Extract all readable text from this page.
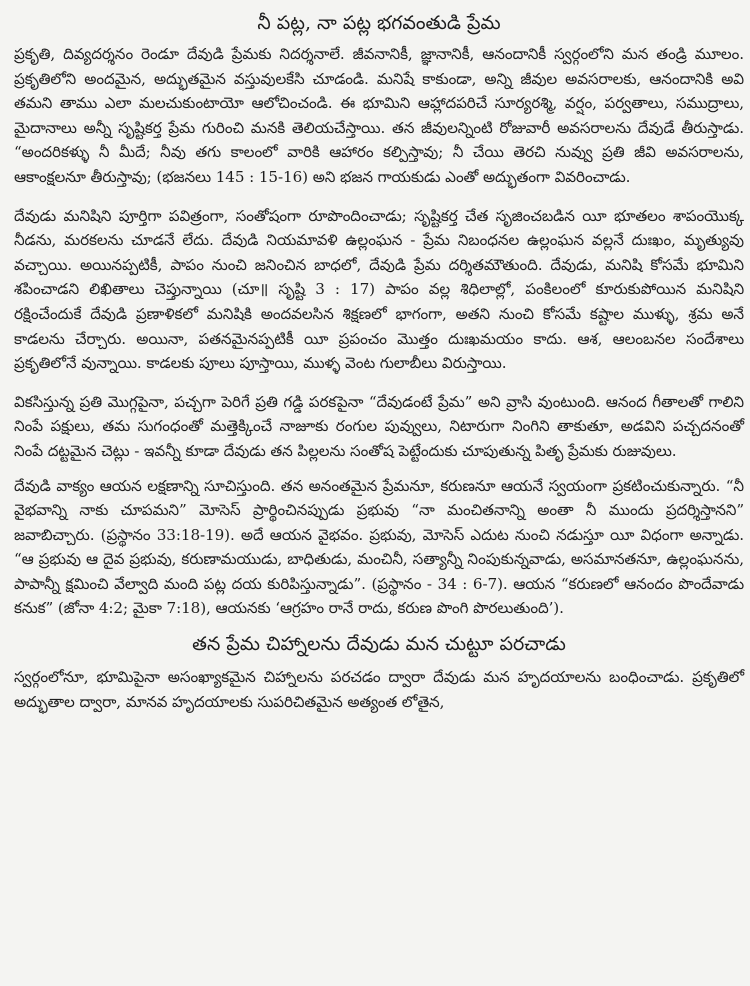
నీ పట్ల, నా పట్ల భగవంతుడి ప్రేమ

ప్రకృతి, దివ్యదర్శనం రెండూ దేవుడి ప్రేమకు నిదర్శనాలే. జీవనానికీ, జ్ఞానానికీ, ఆనందానికీ స్వర్గంలోని మన తండ్రి మూలం. ప్రకృతిలోని అందమైన, అద్భుతమైన వస్తువులకేసి చూడండి. మనిషే కాకుండా, అన్ని జీవుల అవసరాలకు, ఆనందానికి అవి తమని తాము ఎలా మలచుకుంటాయో ఆలోచించండి. ఈ భూమిని ఆహ్లాదపరిచే సూర్యరశ్మి, వర్షం, పర్వతాలు, సముద్రాలు, మైదానాలు అన్నీ సృష్టికర్త ప్రేమ గురించి మనకి తెలియచేస్తాయి. తన జీవులన్నింటి రోజువారీ అవసరాలను దేవుడే తీరుస్తాడు. “అందరికళ్ళు నీ మీదే; నీవు తగు కాలంలో వారికి ఆహారం కల్పిస్తావు; నీ చేయి తెరచి నువ్వు ప్రతి జీవి అవసరాలను, ఆకాంక్షలనూ తీరుస్తావు; (భజనలు 145 : 15-16) అని భజన గాయకుడు ఎంతో అద్భుతంగా వివరించాడు.

దేవుడు మనిషిని పూర్తిగా పవిత్రంగా, సంతోషంగా రూపొందించాడు; సృష్టికర్త చేత సృజించబడిన యీ భూతలం శాపంయొక్క నీడను, మరకలను చూడనే లేదు. దేవుడి నియమావళి ఉల్లంఘన - ప్రేమ నిబంధనల ఉల్లంఘన వల్లనే దుఃఖం, మృత్యువు వచ్చాయి. అయినప్పటికీ, పాపం నుంచి జనించిన బాధలో, దేవుడి ప్రేమ దర్శితమౌతుంది. దేవుడు, మనిషి కోసమే భూమిని శపించాడని లిఖితాలు చెప్తున్నాయి (చూ॥ సృష్టి 3 : 17) పాపం వల్ల శిధిలాల్లో, పంకిలంలో కూరుకుపోయిన మనిషిని రక్షించేందుకే దేవుడి ప్రణాళికలో మనిషికి అందవలసిన శిక్షణలో భాగంగా, అతని నుంచి కోసమే కష్టాల ముళ్ళు, శ్రమ అనే కాడలను చేర్చారు. అయినా, పతనమైనప్పటికీ యీ ప్రపంచం మొత్తం దుఃఖమయం కాదు. ఆశ, ఆలంబనల సందేశాలు ప్రకృతిలోనే వున్నాయి. కాడలకు పూలు పూస్తాయి, ముళ్ళ వెంట గులాబీలు విరుస్తాయి.

వికసిస్తున్న ప్రతి మొగ్గపైనా, పచ్చగా పెరిగే ప్రతి గడ్డి పరకపైనా “దేవుడంటే ప్రేమ” అని వ్రాసి వుంటుంది. ఆనంద గీతాలతో గాలిని నింపే పక్షులు, తమ సుగంధంతో మత్తెక్కించే నాజూకు రంగుల పువ్వులు, నిటారుగా నింగిని తాకుతూ, అడవిని పచ్చదనంతో నింపే దట్టమైన చెట్లు - ఇవన్నీ కూడా దేవుడు తన పిల్లలను సంతోష పెట్టేందుకు చూపుతున్న పితృ ప్రేమకు రుజువులు.

దేవుడి వాక్యం ఆయన లక్షణాన్ని సూచిస్తుంది. తన అనంతమైన ప్రేమనూ, కరుణనూ ఆయనే స్వయంగా ప్రకటించుకున్నారు. “నీ వైభవాన్ని నాకు చూపమని” మోసెస్ ప్రార్థించినప్పుడు ప్రభువు “నా మంచితనాన్ని అంతా నీ ముందు ప్రదర్శిస్తానని” జవాబిచ్చారు. (ప్రస్థానం 33:18-19). అదే ఆయన వైభవం. ప్రభువు, మోసెస్ ఎదుట నుంచి నడుస్తూ యీ విధంగా అన్నాడు. “ఆ ప్రభువు ఆ దైవ ప్రభువు, కరుణామయుడు, బాధితుడు, మంచినీ, సత్యాన్నీ నింపుకున్నవాడు, అసమానతనూ, ఉల్లంఘనను, పాపాన్నీ క్షమించి వేల్వాది మంది పట్ల దయ కురిపిస్తున్నాడు”. (ప్రస్థానం - 34 : 6-7). ఆయన “కరుణలో ఆనందం పొందేవాడు కనుక” (జోనా 4:2; మైకా 7:18), ఆయనకు ‘ఆగ్రహం రానే రాదు, కరుణ పొంగి పొరలుతుంది’).

తన ప్రేమ చిహ్నాలను దేవుడు మన చుట్టూ పరచాడు

స్వర్గంలోనూ, భూమిపైనా అసంఖ్యాకమైన చిహ్నాలను పరచడం ద్వారా దేవుడు మన హృదయాలను బంధించాడు. ప్రకృతిలో అద్భుతాల ద్వారా, మానవ హృదయాలకు సుపరిచితమైన అత్యంత లోతైన,
